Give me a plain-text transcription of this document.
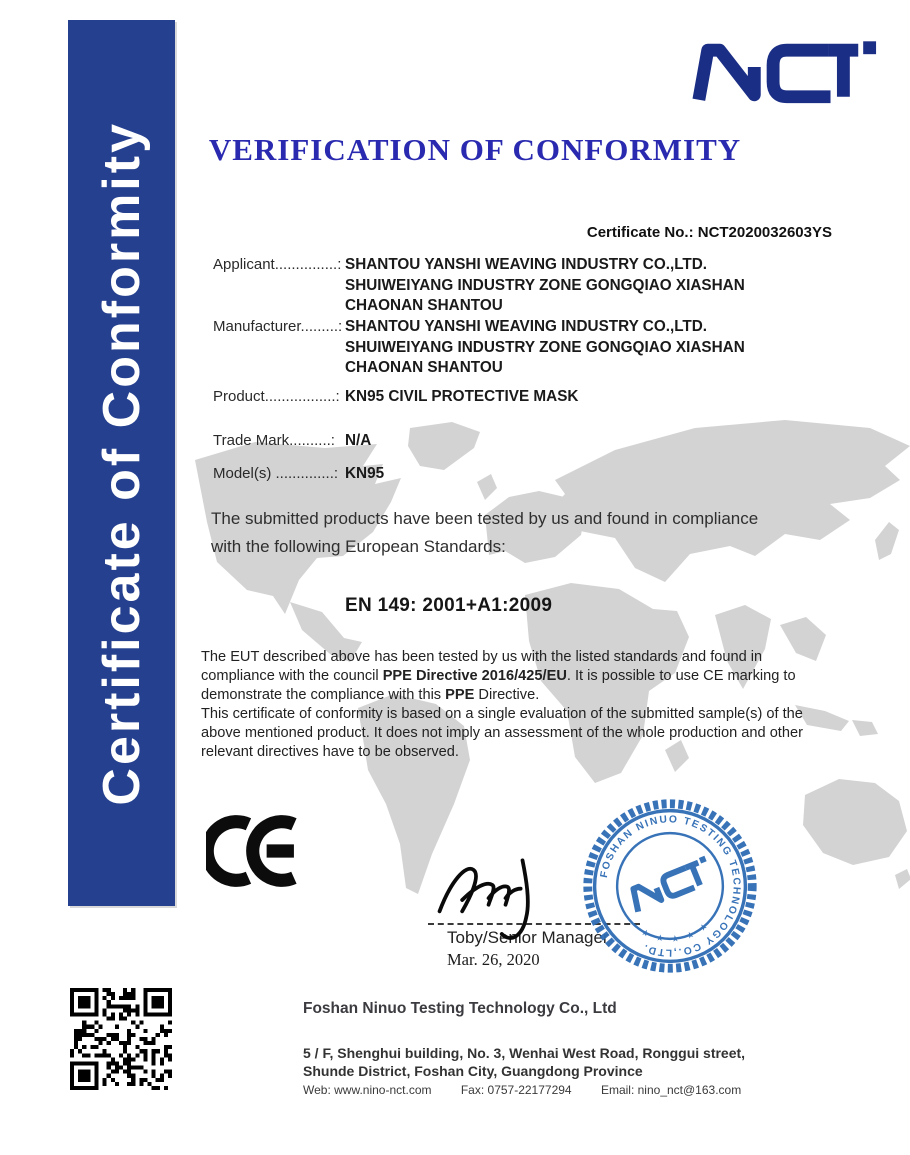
Certificate of Conformity	VERIFICATION OF CONFORMITY
Certificate No.: NCT2020032603YS
Applicant...............: SHANTOU YANSHI WEAVING INDUSTRY CO.,LTD.
SHUIWEIYANG INDUSTRY ZONE GONGQIAO XIASHAN
CHAONAN SHANTOU
Manufacturer.........: SHANTOU YANSHI WEAVING INDUSTRY CO.,LTD.
SHUIWEIYANG INDUSTRY ZONE GONGQIAO XIASHAN
CHAONAN SHANTOU
Product.................: KN95 CIVIL PROTECTIVE MASK
Trade Mark..........: N/A
Model(s) ..............: KN95
The submitted products have been tested by us and found in compliance with the following European Standards:
EN 149: 2001+A1:2009
The EUT described above has been tested by us with the listed standards and found in compliance with the council PPE Directive 2016/425/EU. It is possible to use CE marking to demonstrate the compliance with this PPE Directive.
This certificate of conformity is based on a single evaluation of the submitted sample(s) of the above mentioned product. It does not imply an assessment of the whole production and other relevant directives have to be observed.
Toby/Senior Manager
Mar. 26, 2020
FOSHAN NINUO TESTING TECHNOLOGY CO.,LTD.
★ ★ ★ ★ ★
Foshan Ninuo Testing Technology Co., Ltd
5 / F, Shenghui building, No. 3, Wenhai West Road, Ronggui street,
Shunde District, Foshan City, Guangdong Province
Web: www.nino-nct.com Fax: 0757-22177294 Email: nino_nct@163.com
